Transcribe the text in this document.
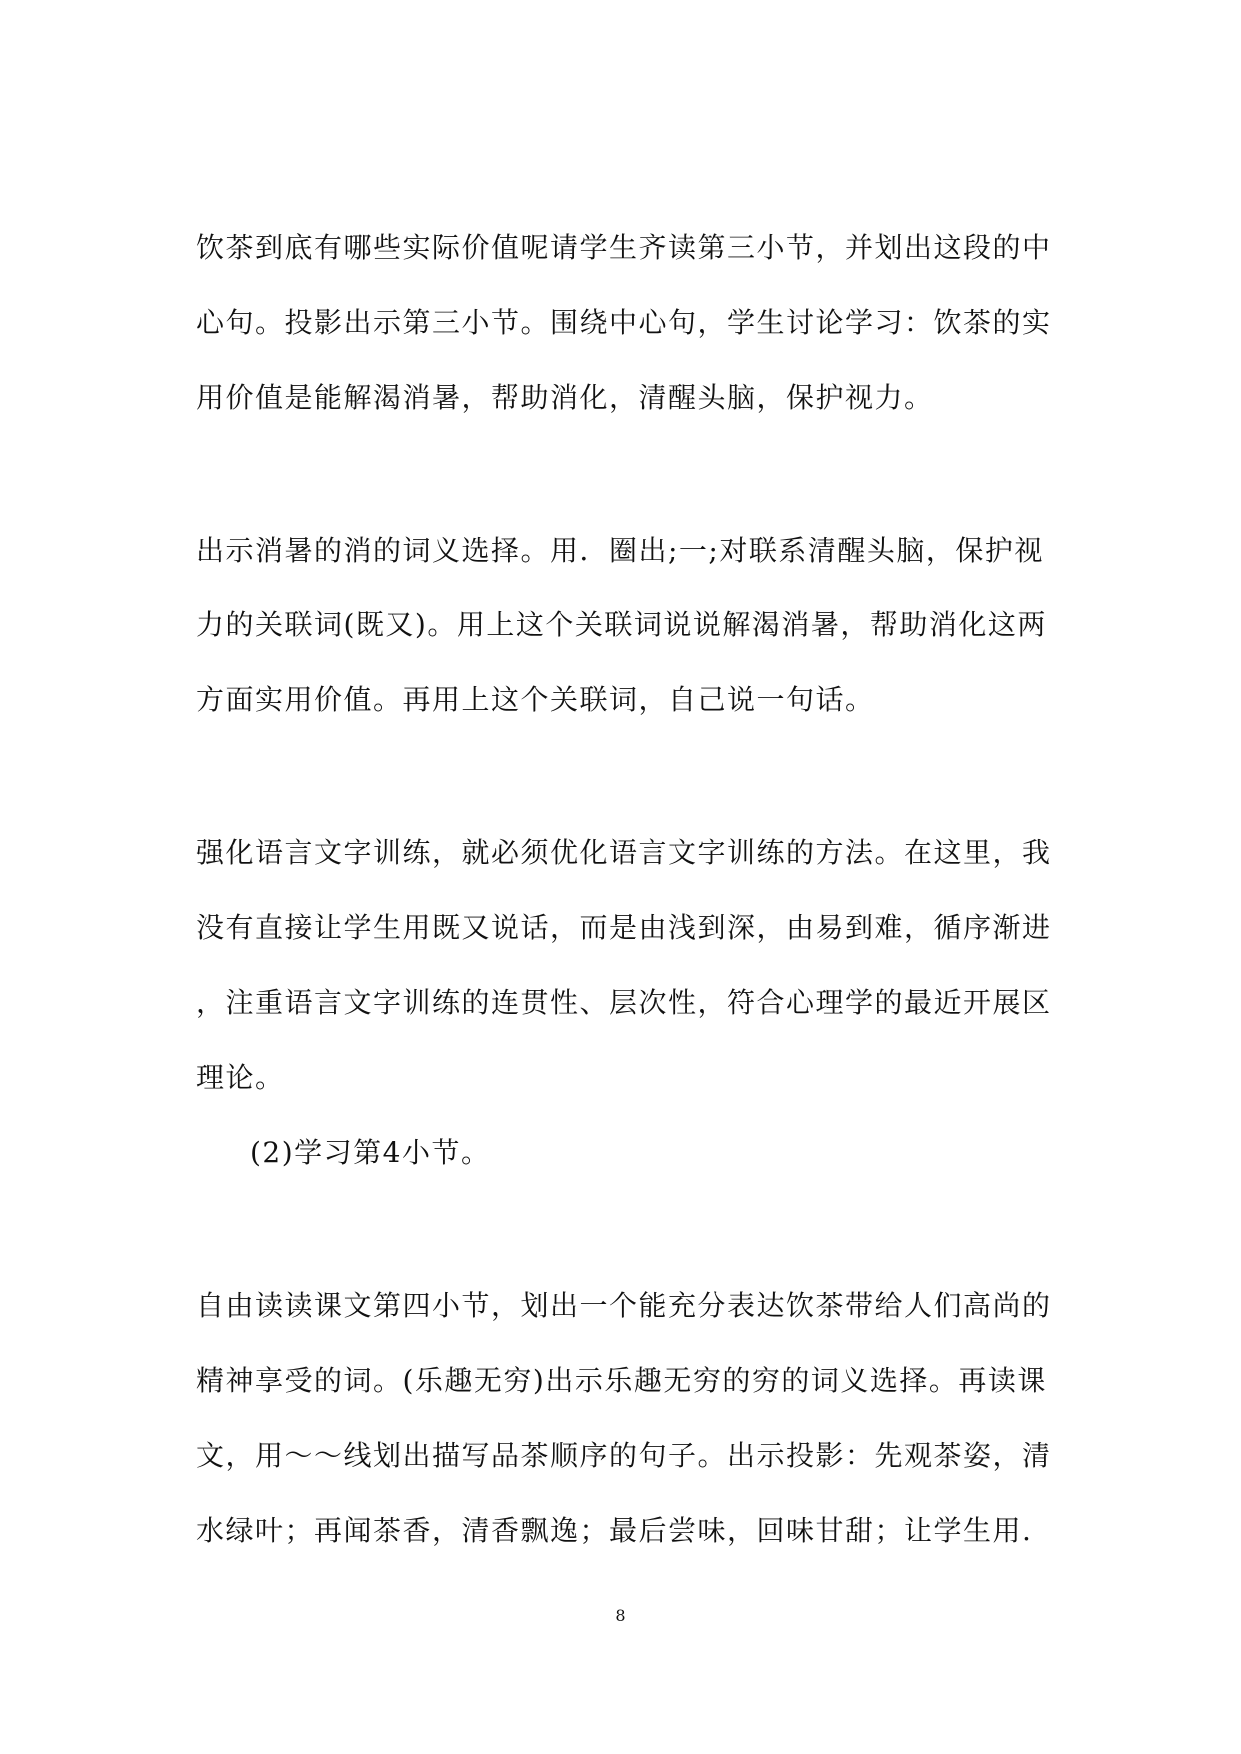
饮茶到底有哪些实际价值呢请学生齐读第三小节，并划出这段的中
心句。投影出示第三小节。围绕中心句，学生讨论学习：饮茶的实
用价值是能解渴消暑，帮助消化，清醒头脑，保护视力。
出示消暑的消的词义选择。用．圈出;一;对联系清醒头脑，保护视
力的关联词(既又)。用上这个关联词说说解渴消暑，帮助消化这两
方面实用价值。再用上这个关联词，自己说一句话。
强化语言文字训练，就必须优化语言文字训练的方法。在这里，我
没有直接让学生用既又说话，而是由浅到深，由易到难，循序渐进
，注重语言文字训练的连贯性、层次性，符合心理学的最近开展区
理论。
(2)学习第4小节。
自由读读课文第四小节，划出一个能充分表达饮茶带给人们高尚的
精神享受的词。(乐趣无穷)出示乐趣无穷的穷的词义选择。再读课
文，用～～线划出描写品茶顺序的句子。出示投影：先观茶姿，清
水绿叶；再闻茶香，清香飘逸；最后尝味，回味甘甜；让学生用.
8
